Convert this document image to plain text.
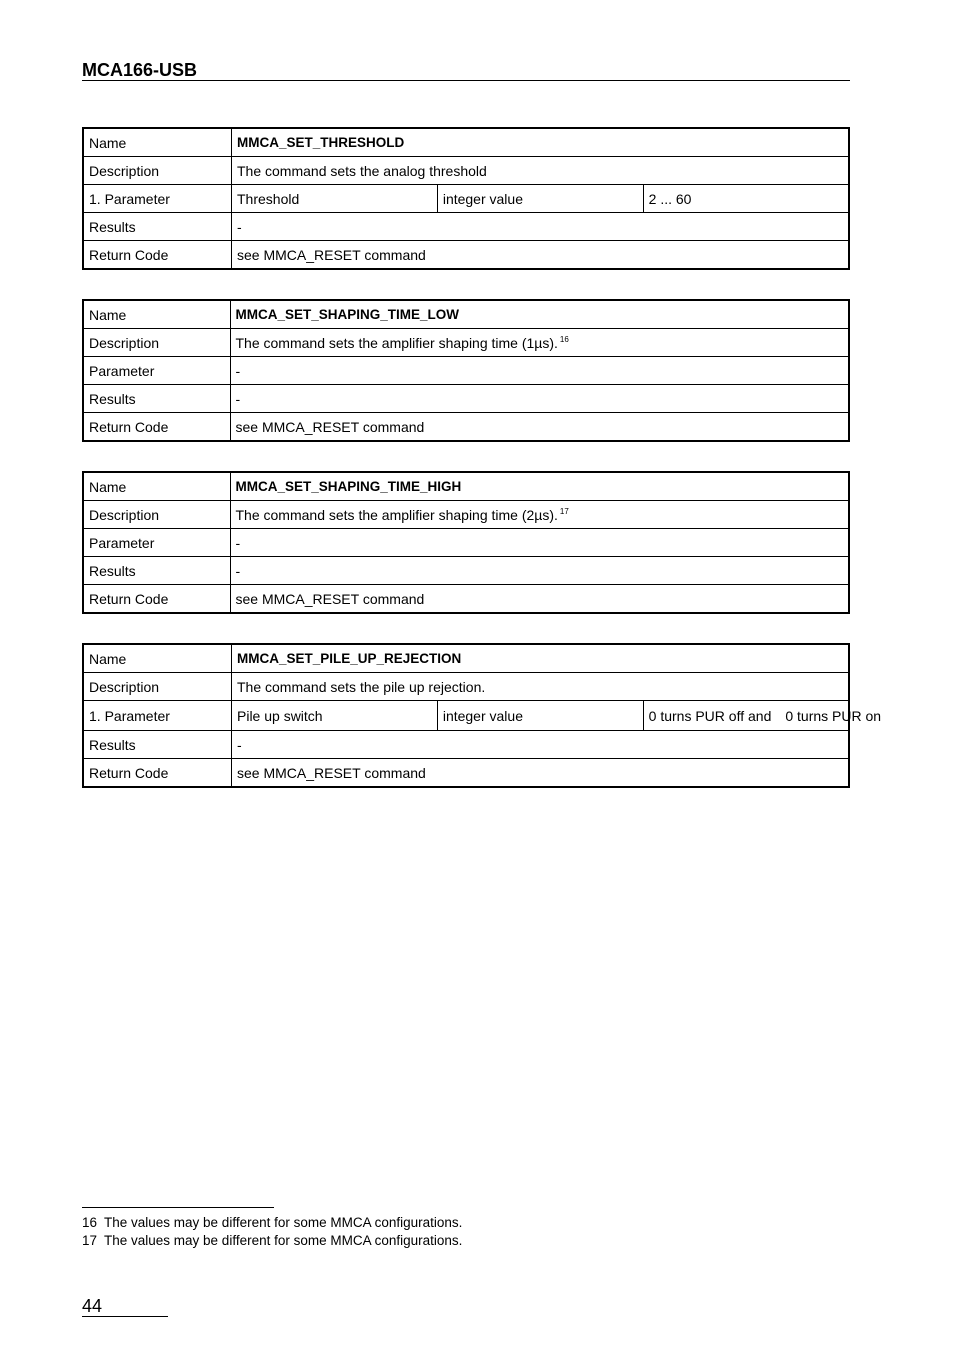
MCA166-USB
Name	MMCA_SET_THRESHOLD		
Description	The command sets the analog threshold		
1. Parameter	Threshold	integer value	2 ... 60
Results	-		
Return Code	see MMCA_RESET command		
Name	MMCA_SET_SHAPING_TIME_LOW
Description	The command sets the amplifier shaping time (1µs). $^{16}$
Parameter	-
Results	-
Return Code	see MMCA_RESET command
Name	MMCA_SET_SHAPING_TIME_HIGH
Description	The command sets the amplifier shaping time (2µs). $^{17}$
Parameter	-
Results	-
Return Code	see MMCA_RESET command
Name	MMCA_SET_PILE_UP_REJECTION		
Description	The command sets the pile up rejection.		
1. Parameter	Pile up switch	integer value	0 turns PUR off and 0 turns PUR on
Results	-		
Return Code	see MMCA_RESET command		
16 The values may be different for some MMCA configurations.
17 The values may be different for some MMCA configurations.
44
